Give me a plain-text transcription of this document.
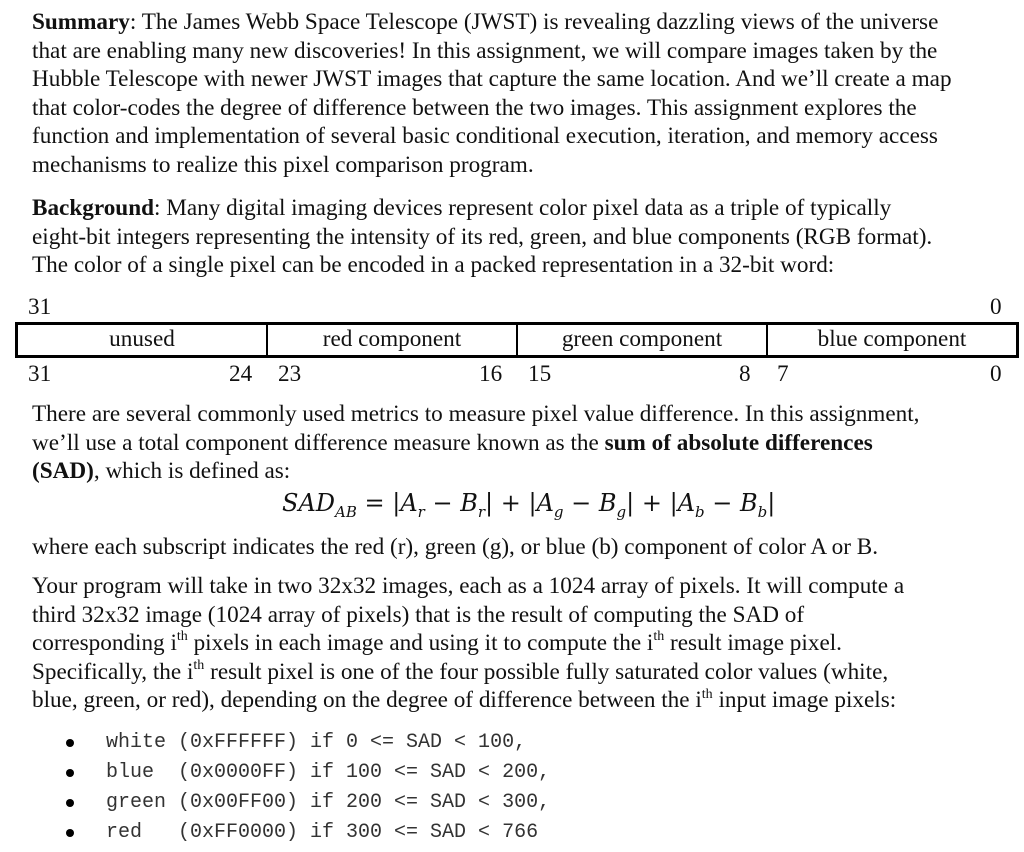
Summary: The James Webb Space Telescope (JWST) is revealing dazzling views of the universe
that are enabling many new discoveries! In this assignment, we will compare images taken by the
Hubble Telescope with newer JWST images that capture the same location. And we’ll create a map
that color-codes the degree of difference between the two images. This assignment explores the
function and implementation of several basic conditional execution, iteration, and memory access
mechanisms to realize this pixel comparison program.

Background: Many digital imaging devices represent color pixel data as a triple of typically
eight-bit integers representing the intensity of its red, green, and blue components (RGB format).
The color of a single pixel can be encoded in a packed representation in a 32-bit word:

31	0
unused	red component	green component	blue component
31	24 23	16 15	8 7	0

There are several commonly used metrics to measure pixel value difference. In this assignment,
we’ll use a total component difference measure known as the sum of absolute differences
(SAD), which is defined as:

$SAD_{AB} = |A_r - B_r| + |A_g - B_g| + |A_b - B_b|$

where each subscript indicates the red (r), green (g), or blue (b) component of color A or B.

Your program will take in two 32x32 images, each as a 1024 array of pixels. It will compute a
third 32x32 image (1024 array of pixels) that is the result of computing the SAD of
corresponding $i^{th}$ pixels in each image and using it to compute the $i^{th}$ result image pixel.
Specifically, the $i^{th}$ result pixel is one of the four possible fully saturated color values (white,
blue, green, or red), depending on the degree of difference between the $i^{th}$ input image pixels:

white (0xFFFFFF) if 0 <= SAD < 100,
blue  (0x0000FF) if 100 <= SAD < 200,
green (0x00FF00) if 200 <= SAD < 300,
red   (0xFF0000) if 300 <= SAD < 766
